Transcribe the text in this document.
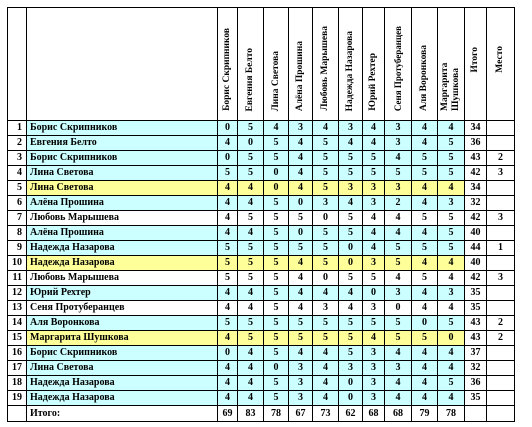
		Борис Скрипников	Евгения Белто	Лина Светова	Алёна Прошина	Любовь Марышева	Надежда Назарова	Юрий Рехтер	Сеня Протуберанцев	Аля Воронкова	Маргарита Шушкова	Итого	Место
1	Борис Скрипников	0	5	4	3	4	3	4	3	4	4	34	
2	Евгения Белто	4	0	5	4	5	4	4	3	4	5	36	
3	Борис Скрипников	0	5	5	4	5	5	5	4	5	5	43	2
4	Лина Светова	5	5	0	4	5	5	5	5	5	5	42	3
5	Лина Светова	4	4	0	4	5	3	3	3	4	4	34	
6	Алёна Прошина	4	4	5	0	3	4	3	2	4	3	32	
7	Любовь Марышева	4	5	5	5	0	5	4	4	5	5	42	3
8	Алёна Прошина	4	4	5	0	5	5	4	4	4	5	40	
9	Надежда Назарова	5	5	5	5	5	0	4	5	5	5	44	1
10	Надежда Назарова	5	5	5	4	5	0	3	5	4	4	40	
11	Любовь Марышева	5	5	5	4	0	5	5	4	5	4	42	3
12	Юрий Рехтер	4	4	5	4	4	4	0	3	4	3	35	
13	Сеня Протуберанцев	4	4	5	4	3	4	3	0	4	4	35	
14	Аля Воронкова	5	5	5	5	5	5	5	5	0	5	43	2
15	Маргарита Шушкова	4	5	5	5	5	5	4	5	5	0	43	2
16	Борис Скрипников	0	4	5	4	4	5	3	4	4	4	37	
17	Лина Светова	4	4	0	3	4	3	3	3	4	4	32	
18	Надежда Назарова	4	4	5	3	4	0	3	4	4	5	36	
19	Надежда Назарова	4	4	5	3	4	0	3	4	4	4	35	
	Итого:	69	83	78	67	73	62	68	68	79	78		
